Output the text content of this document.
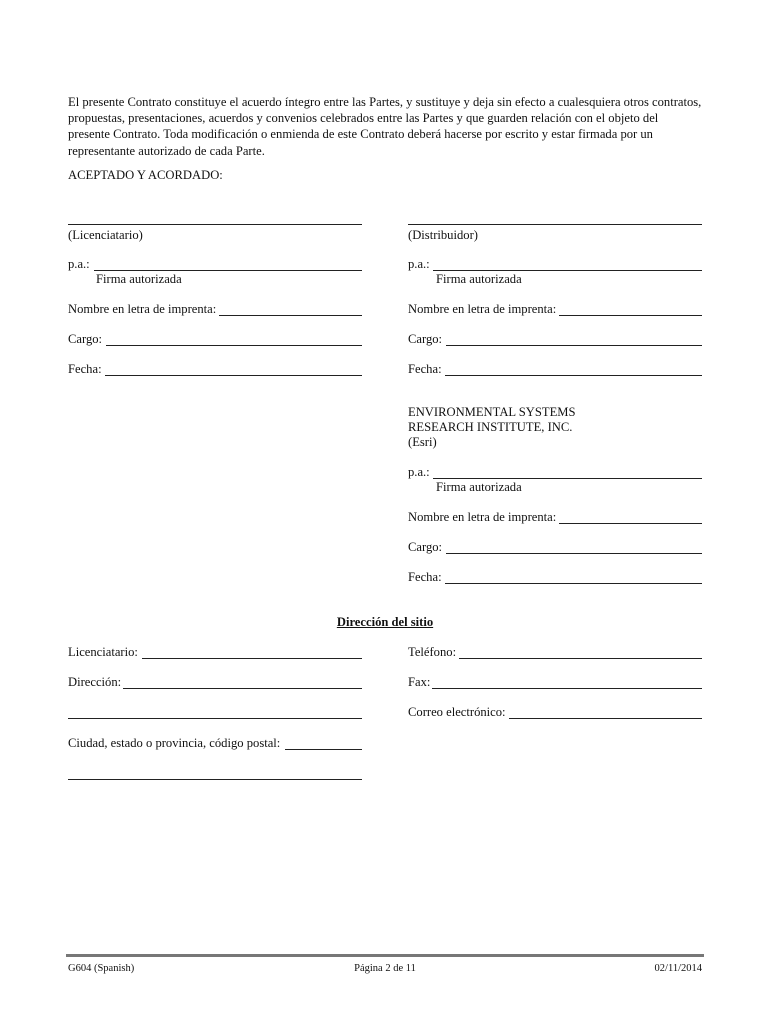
El presente Contrato constituye el acuerdo íntegro entre las Partes, y sustituye y deja sin efecto a cualesquiera otros contratos,
propuestas, presentaciones, acuerdos y convenios celebrados entre las Partes y que guarden relación con el objeto del
presente Contrato. Toda modificación o enmienda de este Contrato deberá hacerse por escrito y estar firmada por un
representante autorizado de cada Parte.
ACEPTADO Y ACORDADO:
(Licenciatario)
p.a.:
Firma autorizada
Nombre en letra de imprenta:
Cargo:
Fecha:
(Distribuidor)
p.a.:
Firma autorizada
Nombre en letra de imprenta:
Cargo:
Fecha:
ENVIRONMENTAL SYSTEMS
RESEARCH INSTITUTE, INC.
(Esri)
p.a.:
Firma autorizada
Nombre en letra de imprenta:
Cargo:
Fecha:
Dirección del sitio
Licenciatario:
Dirección:
Ciudad, estado o provincia, código postal:
Teléfono:
Fax:
Correo electrónico:
G604 (Spanish)	Página 2 de 11	02/11/2014
